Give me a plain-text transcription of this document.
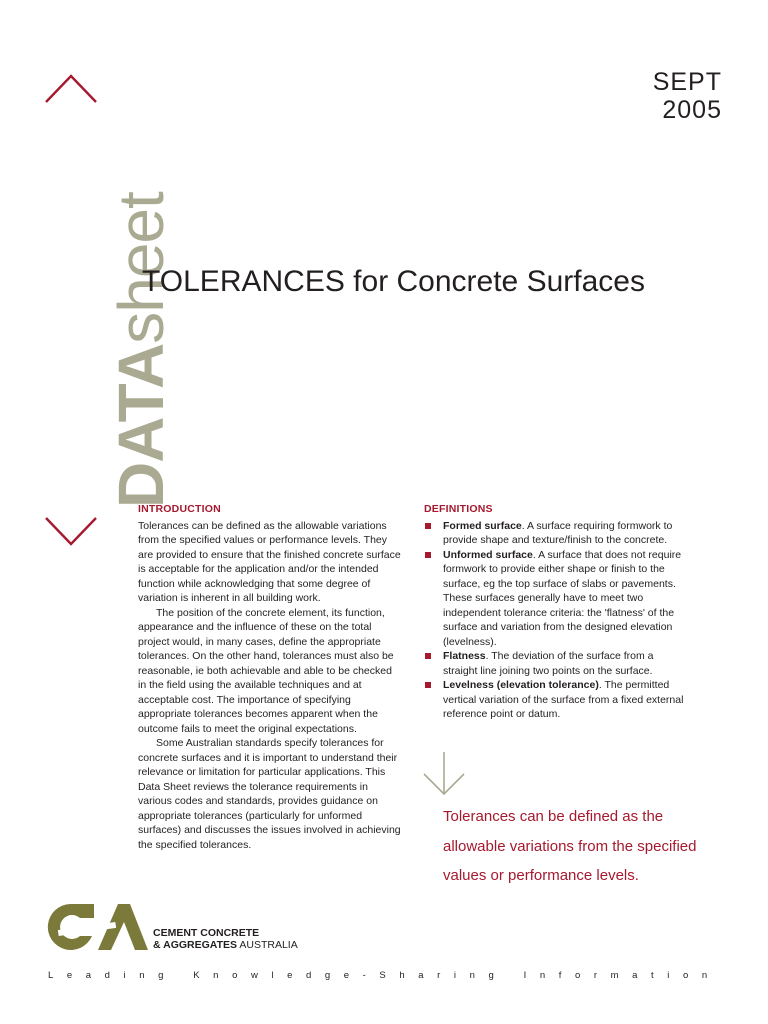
DATAsheet
SEPT
2005
TOLERANCES for Concrete Surfaces
INTRODUCTION

Tolerances can be defined as the allowable variations from the specified values or performance levels. They are provided to ensure that the finished concrete surface is acceptable for the application and/or the intended function while acknowledging that some degree of variation is inherent in all building work.

The position of the concrete element, its function, appearance and the influence of these on the total project would, in many cases, define the appropriate tolerances. On the other hand, tolerances must also be reasonable, ie both achievable and able to be checked in the field using the available techniques and at acceptable cost. The importance of specifying appropriate tolerances becomes apparent when the outcome fails to meet the original expectations.

Some Australian standards specify tolerances for concrete surfaces and it is important to understand their relevance or limitation for particular applications. This Data Sheet reviews the tolerance requirements in various codes and standards, provides guidance on appropriate tolerances (particularly for unformed surfaces) and discusses the issues involved in achieving the specified tolerances.

DEFINITIONS
Formed surface. A surface requiring formwork to provide shape and texture/finish to the concrete.
Unformed surface. A surface that does not require formwork to provide either shape or finish to the surface, eg the top surface of slabs or pavements. These surfaces generally have to meet two independent tolerance criteria: the 'flatness' of the surface and variation from the designed elevation (levelness).
Flatness. The deviation of the surface from a straight line joining two points on the surface.
Levelness (elevation tolerance). The permitted vertical variation of the surface from a fixed external reference point or datum.
Tolerances can be defined as the allowable variations from the specified values or performance levels.
CEMENT CONCRETE
& AGGREGATES AUSTRALIA
Leading Knowledge-Sharing Information
